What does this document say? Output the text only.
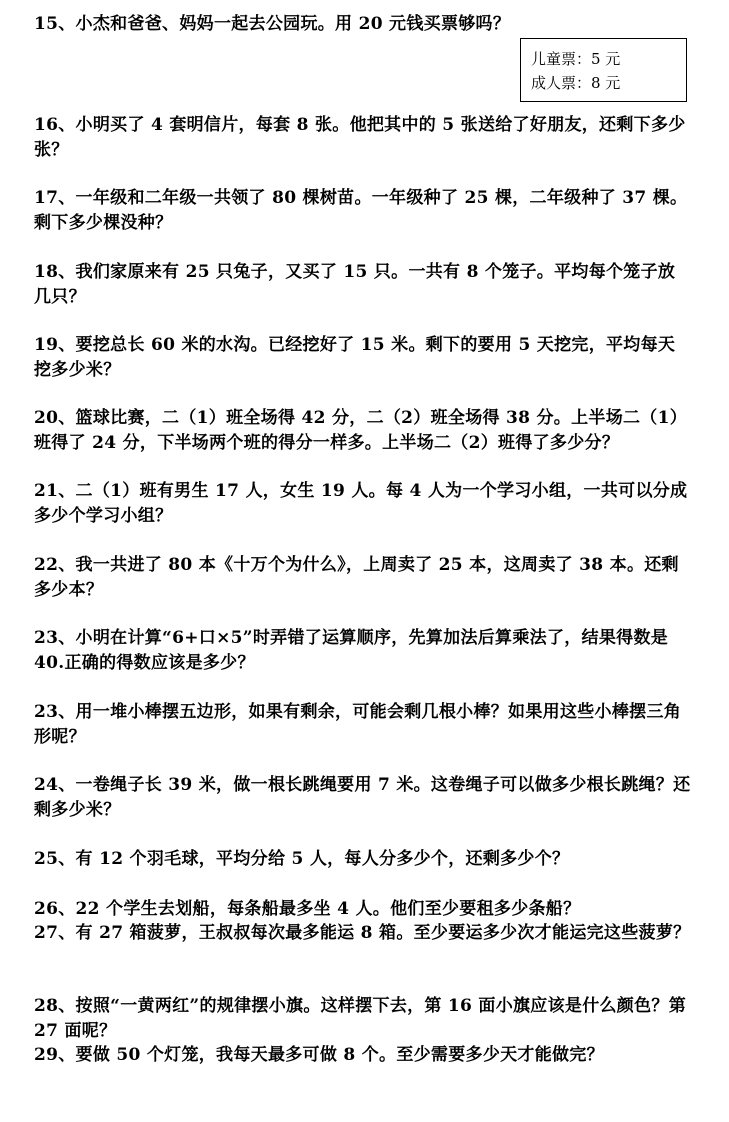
15、小杰和爸爸、妈妈一起去公园玩。用 20 元钱买票够吗？
儿童票：5 元
成人票：8 元
16、小明买了 4 套明信片，每套 8 张。他把其中的 5 张送给了好朋友，还剩下多少张？
17、一年级和二年级一共领了 80 棵树苗。一年级种了 25 棵，二年级种了 37 棵。剩下多少棵没种？
18、我们家原来有 25 只兔子，又买了 15 只。一共有 8 个笼子。平均每个笼子放几只？
19、要挖总长 60 米的水沟。已经挖好了 15 米。剩下的要用 5 天挖完，平均每天挖多少米？
20、篮球比赛，二（1）班全场得 42 分，二（2）班全场得 38 分。上半场二（1）班得了 24 分，下半场两个班的得分一样多。上半场二（2）班得了多少分？
21、二（1）班有男生 17 人，女生 19 人。每 4 人为一个学习小组，一共可以分成多少个学习小组？
22、我一共进了 80 本《十万个为什么》，上周卖了 25 本，这周卖了 38 本。还剩多少本？
23、小明在计算“6+口×5”时弄错了运算顺序，先算加法后算乘法了，结果得数是 40.正确的得数应该是多少？
23、用一堆小棒摆五边形，如果有剩余，可能会剩几根小棒？如果用这些小棒摆三角形呢？
24、一卷绳子长 39 米，做一根长跳绳要用 7 米。这卷绳子可以做多少根长跳绳？还剩多少米？
25、有 12 个羽毛球，平均分给 5 人，每人分多少个，还剩多少个？
26、22 个学生去划船，每条船最多坐 4 人。他们至少要租多少条船？
27、有 27 箱菠萝，王叔叔每次最多能运 8 箱。至少要运多少次才能运完这些菠萝？
28、按照“一黄两红”的规律摆小旗。这样摆下去，第 16 面小旗应该是什么颜色？第 27 面呢？
29、要做 50 个灯笼，我每天最多可做 8 个。至少需要多少天才能做完？
